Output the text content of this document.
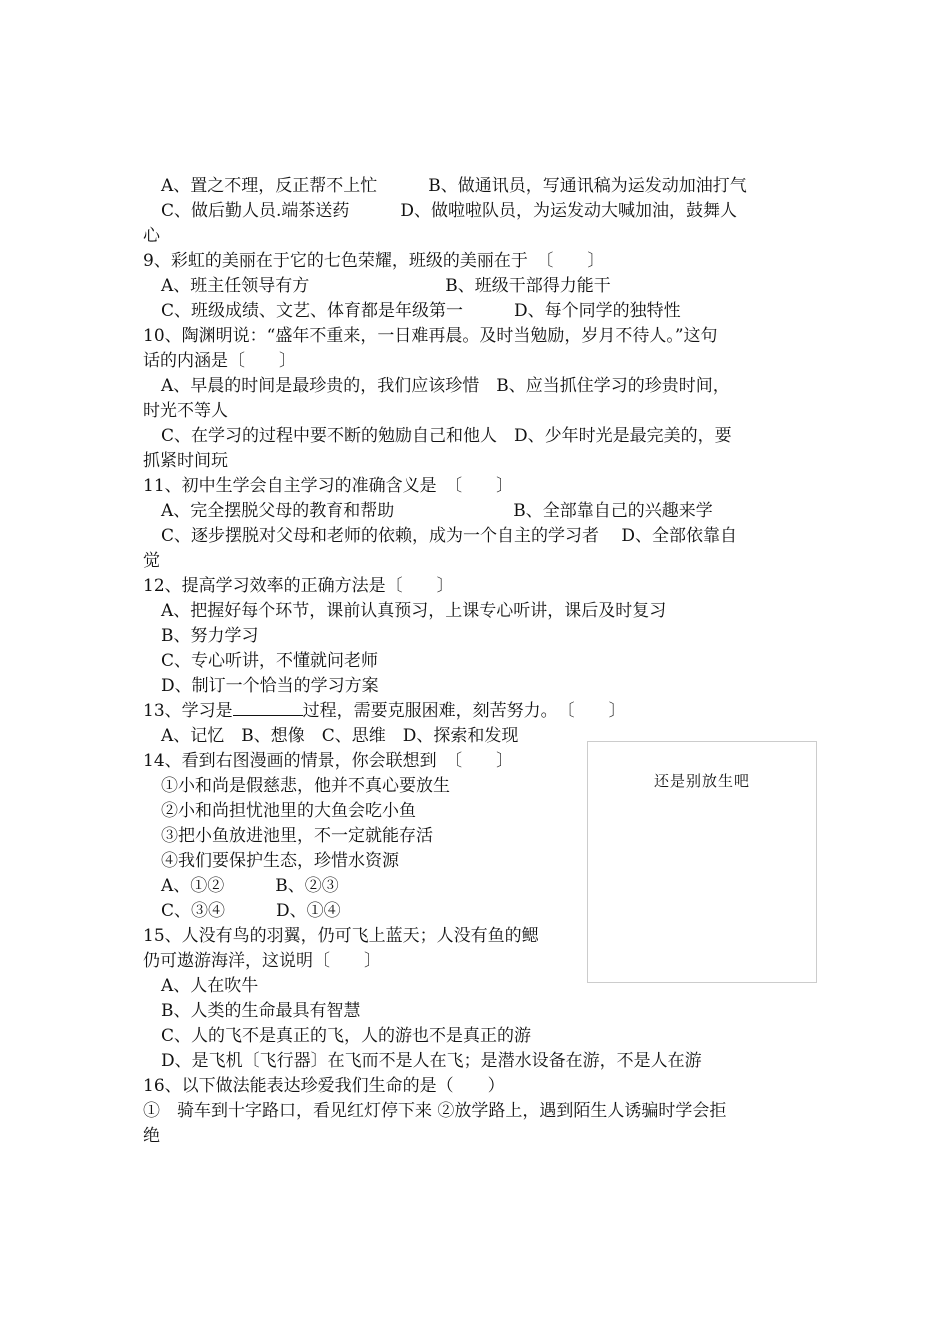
A、置之不理，反正帮不上忙　　　B、做通讯员，写通讯稿为运发动加油打气
C、做后勤人员.端茶送药　　　D、做啦啦队员，为运发动大喊加油，鼓舞人
心
9、彩虹的美丽在于它的七色荣耀，班级的美丽在于　〔　　〕
A、班主任领导有方　　　　　　　　B、班级干部得力能干
C、班级成绩、文艺、体育都是年级第一　　　D、每个同学的独特性
10、陶渊明说：“盛年不重来，一日难再晨。及时当勉励，岁月不待人。”这句
话的内涵是〔　　〕
A、早晨的时间是最珍贵的，我们应该珍惜　B、应当抓住学习的珍贵时间，
时光不等人
C、在学习的过程中要不断的勉励自己和他人　D、少年时光是最完美的，要
抓紧时间玩
11、初中生学会自主学习的准确含义是　〔　　〕
A、完全摆脱父母的教育和帮助　　　　　　　B、全部靠自己的兴趣来学
C、逐步摆脱对父母和老师的依赖，成为一个自主的学习者　 D、全部依靠自
觉
12、提高学习效率的正确方法是〔　　〕
A、把握好每个环节，课前认真预习，上课专心听讲，课后及时复习
B、努力学习
C、专心听讲，不懂就问老师
D、制订一个恰当的学习方案
13、学习是	过程，需要克服困难，刻苦努力。　〔　　〕
A、记忆　B、想像　C、思维　D、探索和发现
14、看到右图漫画的情景，你会联想到　〔　　〕
①小和尚是假慈悲，他并不真心要放生
②小和尚担忧池里的大鱼会吃小鱼
③把小鱼放进池里，不一定就能存活
④我们要保护生态，珍惜水资源
A、①②　　　B、②③
C、③④　　　D、①④
15、人没有鸟的羽翼，仍可飞上蓝天；人没有鱼的鳃
仍可遨游海洋，这说明〔　　〕
A、人在吹牛
B、人类的生命最具有智慧
C、人的飞不是真正的飞，人的游也不是真正的游
D、是飞机〔飞行器〕在飞而不是人在飞；是潜水设备在游，不是人在游
16、以下做法能表达珍爱我们生命的是（　　）
①　骑车到十字路口，看见红灯停下来 ②放学路上，遇到陌生人诱骗时学会拒
绝
还是别放生吧
